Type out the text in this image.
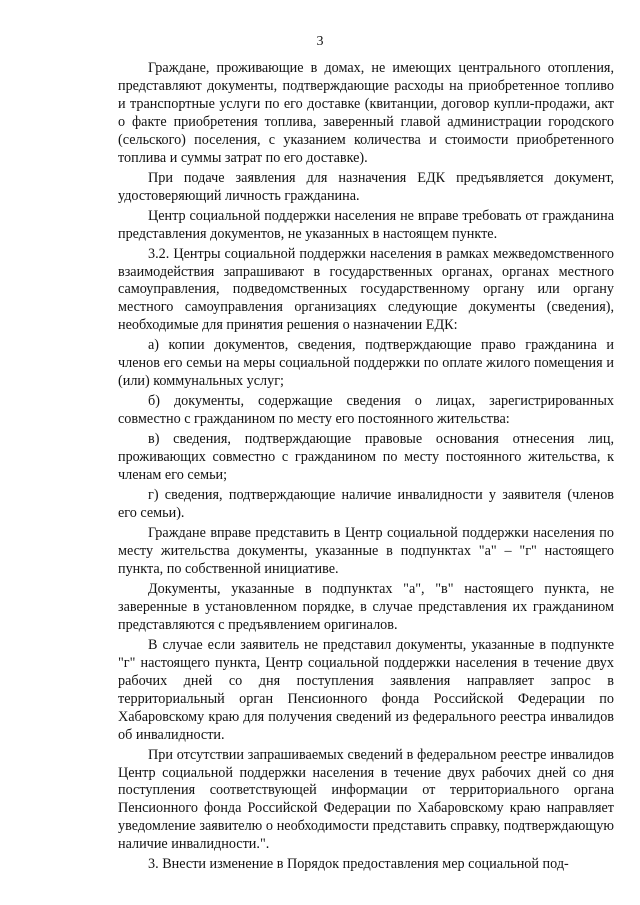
3

Граждане, проживающие в домах, не имеющих центрального отопления, представляют документы, подтверждающие расходы на приобретенное топливо и транспортные услуги по его доставке (квитанции, договор купли-продажи, акт о факте приобретения топлива, заверенный главой администрации городского (сельского) поселения, с указанием количества и стоимости приобретенного топлива и суммы затрат по его доставке).

При подаче заявления для назначения ЕДК предъявляется документ, удостоверяющий личность гражданина.

Центр социальной поддержки населения не вправе требовать от гражданина представления документов, не указанных в настоящем пункте.

3.2. Центры социальной поддержки населения в рамках межведомственного взаимодействия запрашивают в государственных органах, органах местного самоуправления, подведомственных государственному органу или органу местного самоуправления организациях следующие документы (сведения), необходимые для принятия решения о назначении ЕДК:

а) копии документов, сведения, подтверждающие право гражданина и членов его семьи на меры социальной поддержки по оплате жилого помещения и (или) коммунальных услуг;

б) документы, содержащие сведения о лицах, зарегистрированных совместно с гражданином по месту его постоянного жительства:

в) сведения, подтверждающие правовые основания отнесения лиц, проживающих совместно с гражданином по месту постоянного жительства, к членам его семьи;

г) сведения, подтверждающие наличие инвалидности у заявителя (членов его семьи).

Граждане вправе представить в Центр социальной поддержки населения по месту жительства документы, указанные в подпунктах "а" – "г" настоящего пункта, по собственной инициативе.

Документы, указанные в подпунктах "а", "в" настоящего пункта, не заверенные в установленном порядке, в случае представления их гражданином представляются с предъявлением оригиналов.

В случае если заявитель не представил документы, указанные в подпункте "г" настоящего пункта, Центр социальной поддержки населения в течение двух рабочих дней со дня поступления заявления направляет запрос в территориальный орган Пенсионного фонда Российской Федерации по Хабаровскому краю для получения сведений из федерального реестра инвалидов об инвалидности.

При отсутствии запрашиваемых сведений в федеральном реестре инвалидов Центр социальной поддержки населения в течение двух рабочих дней со дня поступления соответствующей информации от территориального органа Пенсионного фонда Российской Федерации по Хабаровскому краю направляет уведомление заявителю о необходимости представить справку, подтверждающую наличие инвалидности.".

3. Внести изменение в Порядок предоставления мер социальной под-
